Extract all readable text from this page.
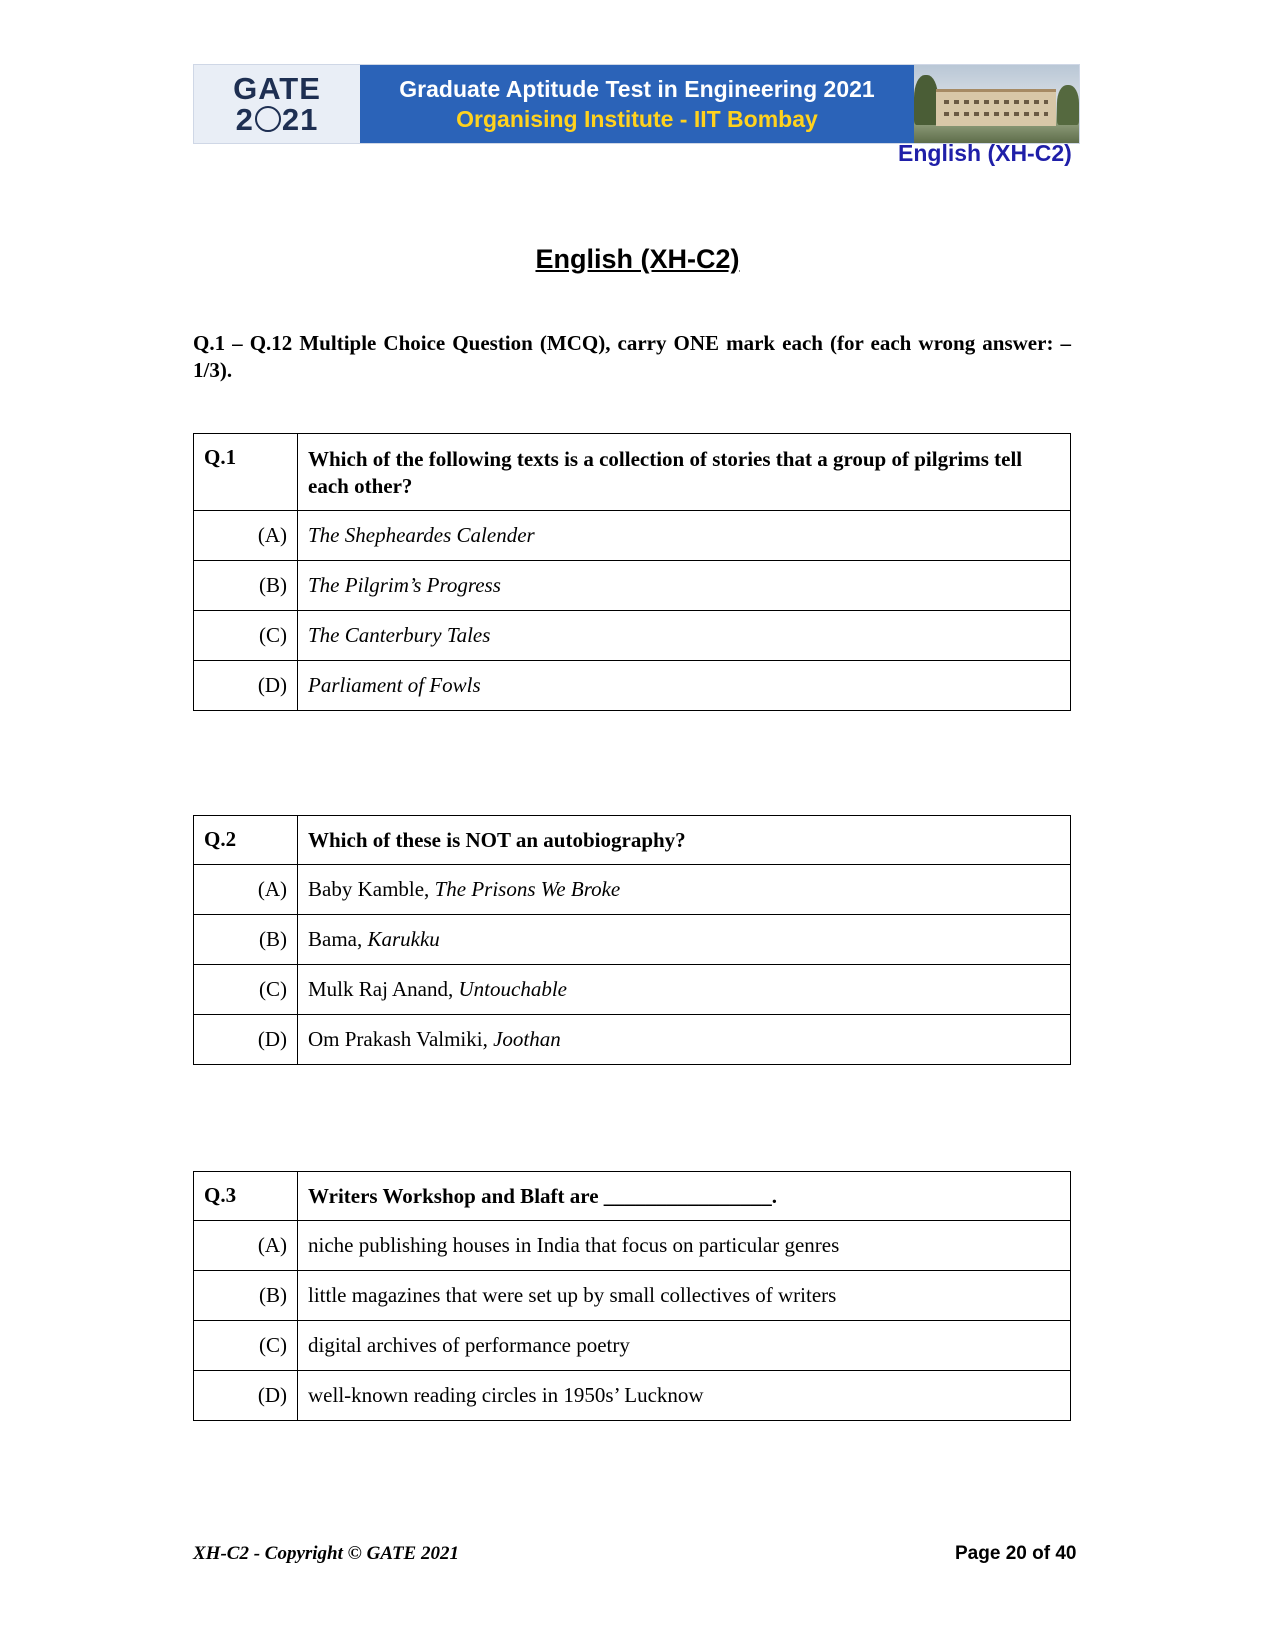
GATE
2 21
Graduate Aptitude Test in Engineering 2021
Organising Institute - IIT Bombay
English (XH-C2)
English (XH-C2)
Q.1 – Q.12 Multiple Choice Question (MCQ), carry ONE mark each (for each wrong answer: – 1/3).
Q.1	Which of the following texts is a collection of stories that a group of pilgrims tell each other?
(A)	The Shepheardes Calender
(B)	The Pilgrim’s Progress
(C)	The Canterbury Tales
(D)	Parliament of Fowls
Q.2	Which of these is NOT an autobiography?
(A)	Baby Kamble, The Prisons We Broke
(B)	Bama, Karukku
(C)	Mulk Raj Anand, Untouchable
(D)	Om Prakash Valmiki, Joothan
Q.3	Writers Workshop and Blaft are ________________.
(A)	niche publishing houses in India that focus on particular genres
(B)	little magazines that were set up by small collectives of writers
(C)	digital archives of performance poetry
(D)	well-known reading circles in 1950s’ Lucknow
XH-C2 - Copyright © GATE 2021	Page 20 of 40
